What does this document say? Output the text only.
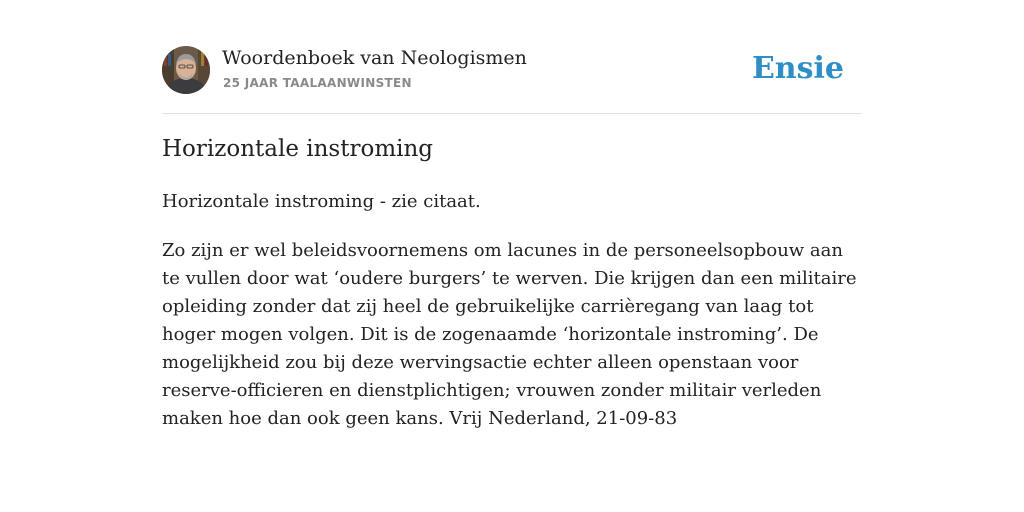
Woordenboek van Neologismen
25 JAAR TAALAANWINSTEN	Ensie
Horizontale instroming

Horizontale instroming - zie citaat.

Zo zijn er wel beleidsvoornemens om lacunes in de personeelsopbouw aan te vullen door wat ‘oudere burgers’ te werven. Die krijgen dan een militaire opleiding zonder dat zij heel de gebruikelijke carrièregang van laag tot hoger mogen volgen. Dit is de zogenaamde ‘horizontale instroming’. De mogelijkheid zou bij deze wervingsactie echter alleen openstaan voor reserve-officieren en dienstplichtigen; vrouwen zonder militair verleden maken hoe dan ook geen kans. Vrij Nederland, 21-09-83
